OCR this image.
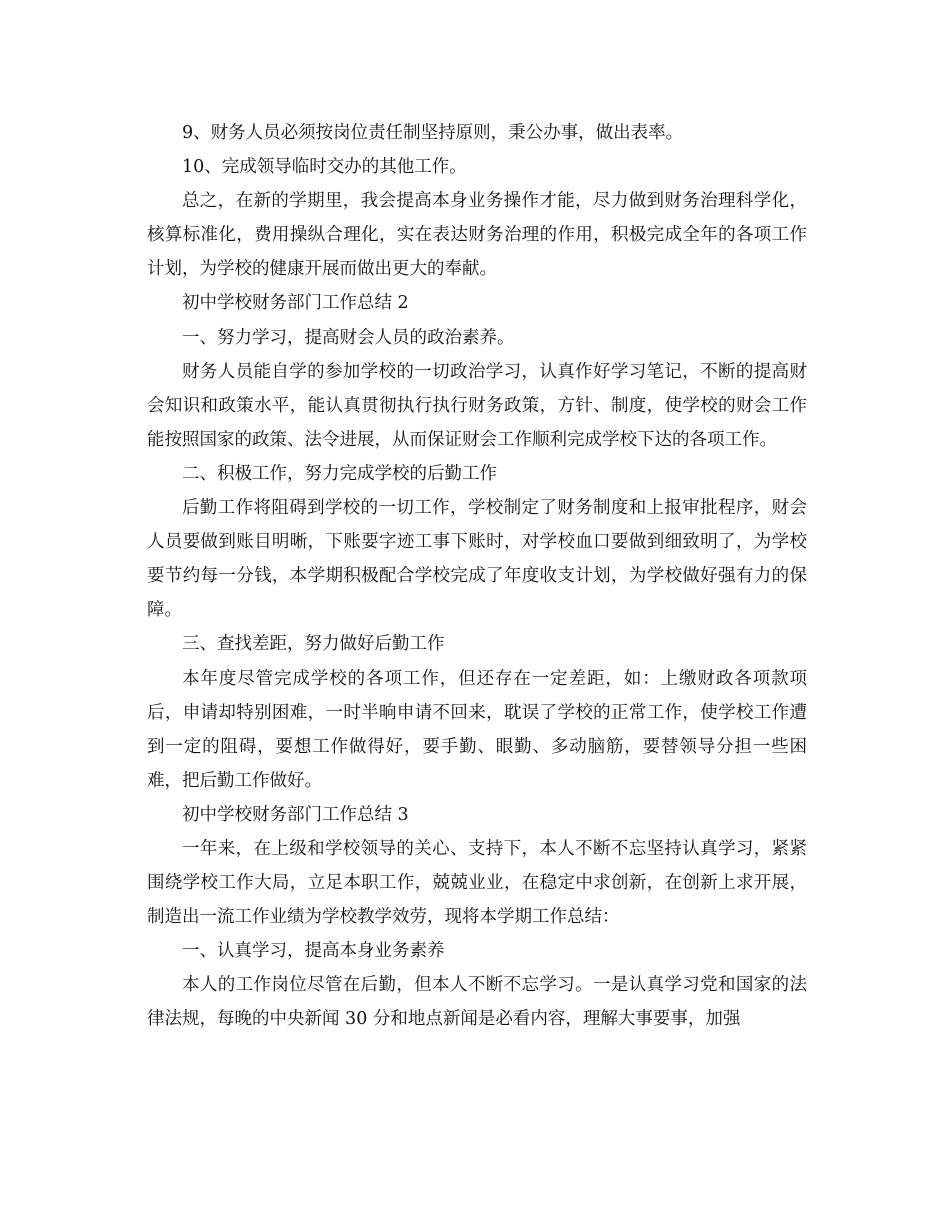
9、财务人员必须按岗位责任制坚持原则，秉公办事，做出表率。

10、完成领导临时交办的其他工作。

总之，在新的学期里，我会提高本身业务操作才能，尽力做到财务治理科学化，核算标准化，费用操纵合理化，实在表达财务治理的作用，积极完成全年的各项工作计划，为学校的健康开展而做出更大的奉献。

初中学校财务部门工作总结 2

一、努力学习，提高财会人员的政治素养。

财务人员能自学的参加学校的一切政治学习，认真作好学习笔记，不断的提高财会知识和政策水平，能认真贯彻执行执行财务政策，方针、制度，使学校的财会工作能按照国家的政策、法令进展，从而保证财会工作顺利完成学校下达的各项工作。

二、积极工作，努力完成学校的后勤工作

后勤工作将阻碍到学校的一切工作，学校制定了财务制度和上报审批程序，财会人员要做到账目明晰，下账要字迹工事下账时，对学校血口要做到细致明了，为学校要节约每一分钱，本学期积极配合学校完成了年度收支计划，为学校做好强有力的保障。

三、查找差距，努力做好后勤工作

本年度尽管完成学校的各项工作，但还存在一定差距，如：上缴财政各项款项后，申请却特别困难，一时半晌申请不回来，耽误了学校的正常工作，使学校工作遭到一定的阻碍，要想工作做得好，要手勤、眼勤、多动脑筋，要替领导分担一些困难，把后勤工作做好。

初中学校财务部门工作总结 3

一年来，在上级和学校领导的关心、支持下，本人不断不忘坚持认真学习，紧紧围绕学校工作大局，立足本职工作，兢兢业业，在稳定中求创新，在创新上求开展，制造出一流工作业绩为学校教学效劳，现将本学期工作总结：

一、认真学习，提高本身业务素养

本人的工作岗位尽管在后勤，但本人不断不忘学习。一是认真学习党和国家的法律法规，每晚的中央新闻 30 分和地点新闻是必看内容，理解大事要事，加强
